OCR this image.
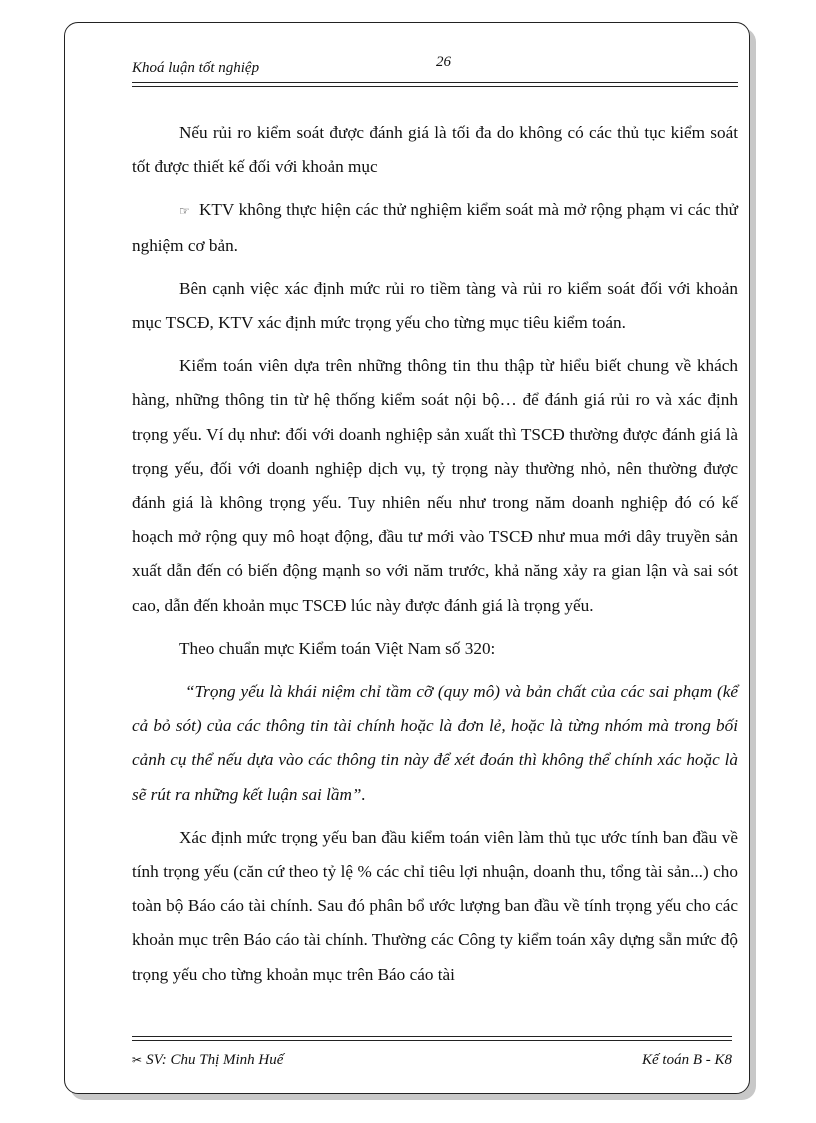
Khoá luận tốt nghiệp	26

Nếu rủi ro kiểm soát được đánh giá là tối đa do không có các thủ tục kiểm soát tốt được thiết kế đối với khoản mục

☞ KTV không thực hiện các thử nghiệm kiểm soát mà mở rộng phạm vi các thử nghiệm cơ bản.

Bên cạnh việc xác định mức rủi ro tiềm tàng và rủi ro kiểm soát đối với khoản mục TSCĐ, KTV xác định mức trọng yếu cho từng mục tiêu kiểm toán.

Kiểm toán viên dựa trên những thông tin thu thập từ hiểu biết chung về khách hàng, những thông tin từ hệ thống kiểm soát nội bộ… để đánh giá rủi ro và xác định trọng yếu. Ví dụ như: đối với doanh nghiệp sản xuất thì TSCĐ thường được đánh giá là trọng yếu, đối với doanh nghiệp dịch vụ, tỷ trọng này thường nhỏ, nên thường được đánh giá là không trọng yếu. Tuy nhiên nếu như trong năm doanh nghiệp đó có kế hoạch mở rộng quy mô hoạt động, đầu tư mới vào TSCĐ như mua mới dây truyền sản xuất dẫn đến có biến động mạnh so với năm trước, khả năng xảy ra gian lận và sai sót cao, dẫn đến khoản mục TSCĐ lúc này được đánh giá là trọng yếu.

Theo chuẩn mực Kiểm toán Việt Nam số 320:

“Trọng yếu là khái niệm chỉ tầm cỡ (quy mô) và bản chất của các sai phạm (kể cả bỏ sót) của các thông tin tài chính hoặc là đơn lẻ, hoặc là từng nhóm mà trong bối cảnh cụ thể nếu dựa vào các thông tin này để xét đoán thì không thể chính xác hoặc là sẽ rút ra những kết luận sai lầm”.

Xác định mức trọng yếu ban đầu kiểm toán viên làm thủ tục ước tính ban đầu về tính trọng yếu (căn cứ theo tỷ lệ % các chỉ tiêu lợi nhuận, doanh thu, tổng tài sản...) cho toàn bộ Báo cáo tài chính. Sau đó phân bổ ước lượng ban đầu về tính trọng yếu cho các khoản mục trên Báo cáo tài chính. Thường các Công ty kiểm toán xây dựng sẵn mức độ trọng yếu cho từng khoản mục trên Báo cáo tài

✂ SV: Chu Thị Minh Huế	Kế toán B - K8
